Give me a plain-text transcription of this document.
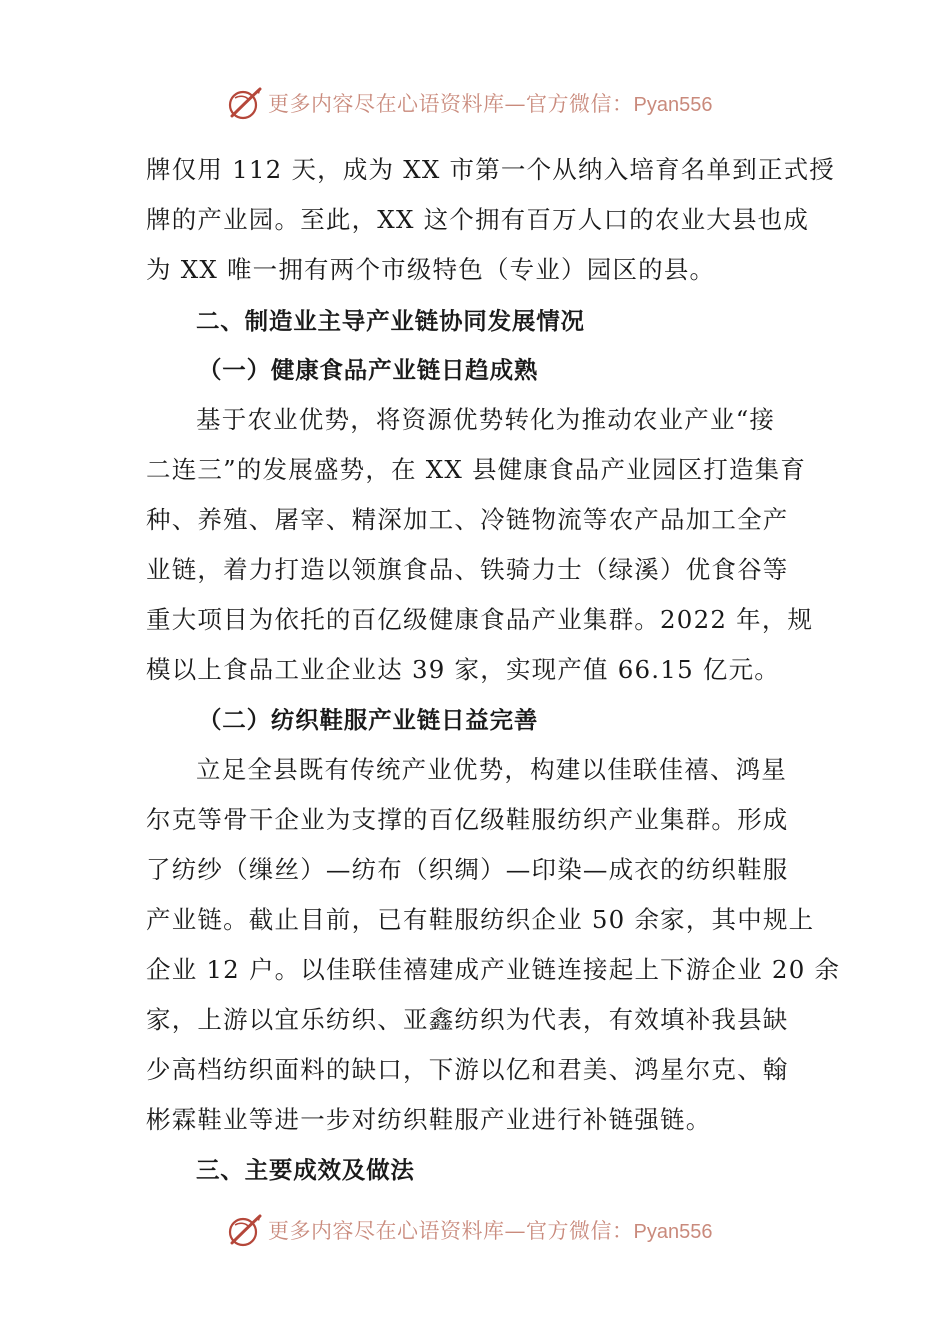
更多内容尽在心语资料库—官方微信：Pyan556
牌仅用 112 天，成为 XX 市第一个从纳入培育名单到正式授
牌的产业园。至此，XX 这个拥有百万人口的农业大县也成
为 XX 唯一拥有两个市级特色（专业）园区的县。
二、制造业主导产业链协同发展情况
（一）健康食品产业链日趋成熟
基于农业优势，将资源优势转化为推动农业产业“接
二连三”的发展盛势，在 XX 县健康食品产业园区打造集育
种、养殖、屠宰、精深加工、冷链物流等农产品加工全产
业链，着力打造以领旗食品、铁骑力士（绿溪）优食谷等
重大项目为依托的百亿级健康食品产业集群。2022 年，规
模以上食品工业企业达 39 家，实现产值 66.15 亿元。
（二）纺织鞋服产业链日益完善
立足全县既有传统产业优势，构建以佳联佳禧、鸿星
尔克等骨干企业为支撑的百亿级鞋服纺织产业集群。形成
了纺纱（缫丝）—纺布（织绸）—印染—成衣的纺织鞋服
产业链。截止目前，已有鞋服纺织企业 50 余家，其中规上
企业 12 户。以佳联佳禧建成产业链连接起上下游企业 20 余
家，上游以宜乐纺织、亚鑫纺织为代表，有效填补我县缺
少高档纺织面料的缺口，下游以亿和君美、鸿星尔克、翰
彬霖鞋业等进一步对纺织鞋服产业进行补链强链。
三、主要成效及做法
更多内容尽在心语资料库—官方微信：Pyan556
